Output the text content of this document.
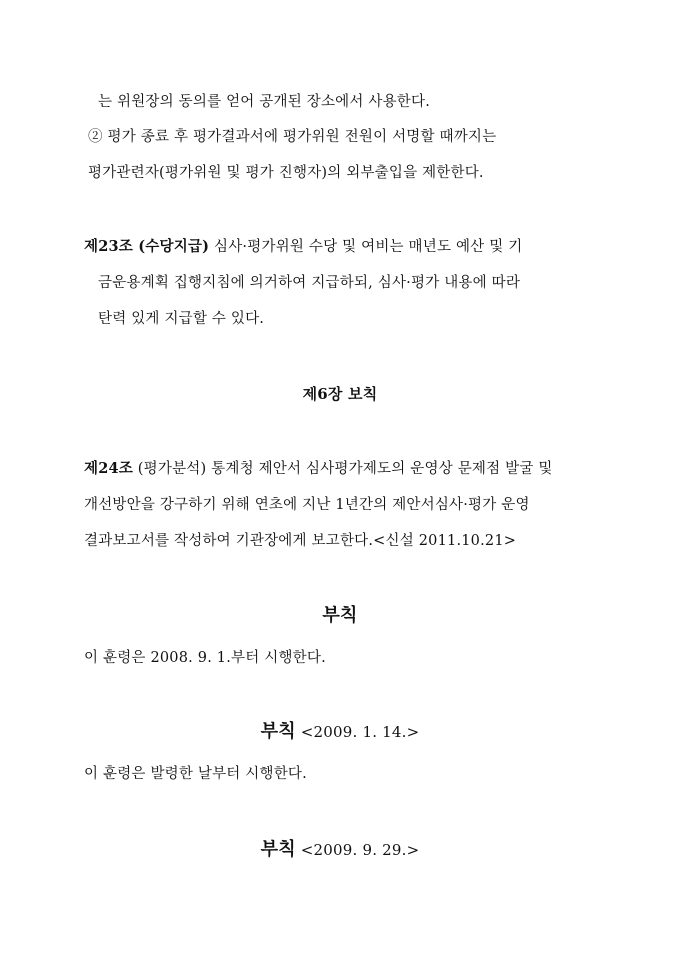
는 위원장의 동의를 얻어 공개된 장소에서 사용한다.
② 평가 종료 후 평가결과서에 평가위원 전원이 서명할 때까지는
평가관련자(평가위원 및 평가 진행자)의 외부출입을 제한한다.
제23조 (수당지급) 심사·평가위원 수당 및 여비는 매년도 예산 및 기
금운용계획 집행지침에 의거하여 지급하되, 심사·평가 내용에 따라
탄력 있게 지급할 수 있다.
제6장 보칙
제24조 (평가분석) 통계청 제안서 심사평가제도의 운영상 문제점 발굴 및
개선방안을 강구하기 위해 연초에 지난 1년간의 제안서심사·평가 운영
결과보고서를 작성하여 기관장에게 보고한다.<신설 2011.10.21>
부칙
이 훈령은 2008. 9. 1.부터 시행한다.
부칙 <2009. 1. 14.>
이 훈령은 발령한 날부터 시행한다.
부칙 <2009. 9. 29.>
